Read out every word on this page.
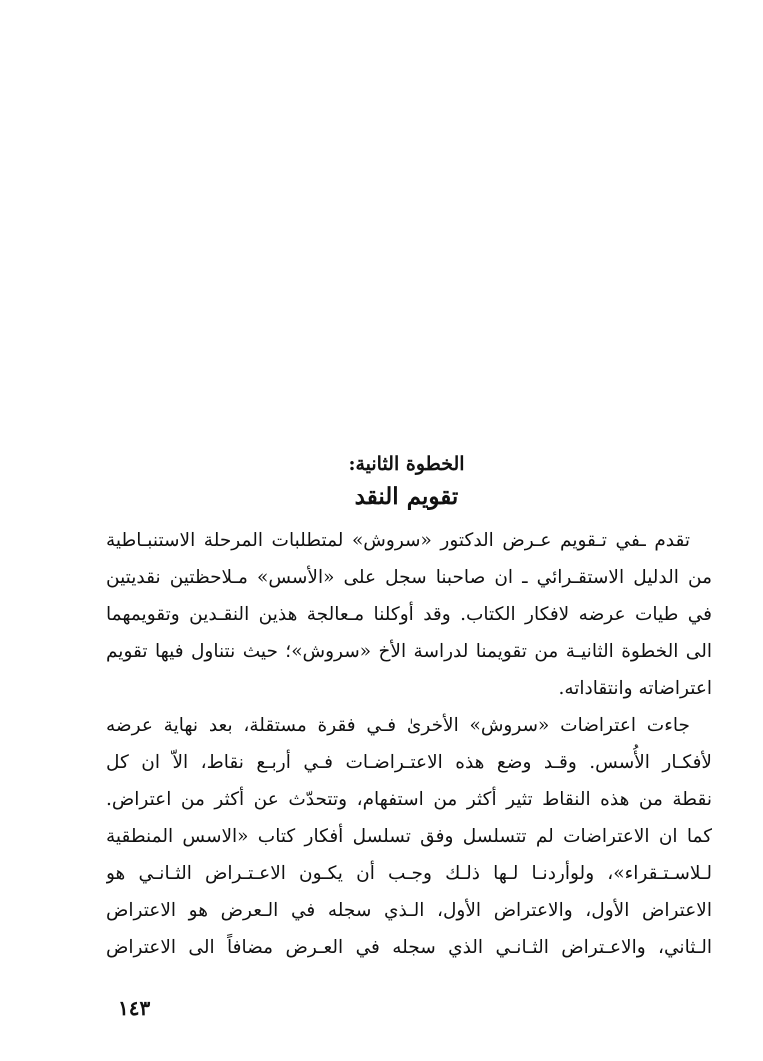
الخطوة الثانية:
تقويم النقد
تقدم ـفي تـقويم عـرض الدكتور «سروش» لمتطلبات المرحلة الاستنبـاطية
من الدليل الاستقـرائي ـ ان صاحبنا سجل على «الأسس» مـلاحظتين نقديتين
في طيات عرضه لافكار الكتاب. وقد أوكلنا مـعالجة هذين النقـدين وتقويمهما
الى الخطوة الثانيـة من تقويمنا لدراسة الأخ «سروش»؛ حيث نتناول فيها تقويم
اعتراضاته وانتقاداته.
جاءت اعتراضات «سروش» الأخرىٰ فـي فقرة مستقلة، بعد نهاية عرضه
لأفكـار الأُسس. وقـد وضع هذه الاعتـراضـات فـي أربـع نقاط، الاّ ان كل
نقطة من هذه النقاط تثير أكثر من استفهام، وتتحدّث عن أكثر من اعتراض.
كما ان الاعتراضات لم تتسلسل وفق تسلسل أفكار كتاب «الاسس المنطقية
لـلاسـتـقراء»، ولوأردنـا لـها ذلـك وجـب أن يكـون الاعـتـراض الثـانـي هو
الاعتراض الأول، والاعتراض الأول، الـذي سجله في الـعرض هو الاعتراض
الـثاني، والاعـتراض الثـانـي الذي سجله في العـرض مضافاً الى الاعتراض
١٤٣
